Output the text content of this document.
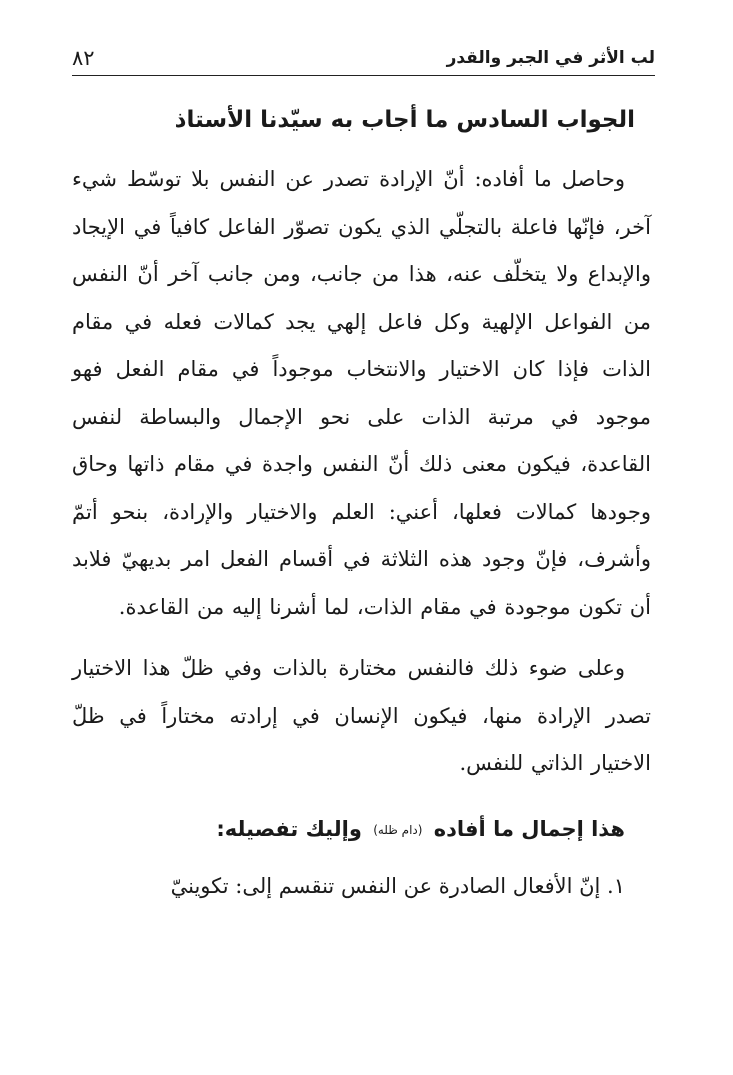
لب الأثر في الجبر والقدر
٨٢
الجواب السادس ما أجاب به سيّدنا الأستاذ

وحاصل ما أفاده: أنّ الإرادة تصدر عن النفس بلا توسّط شيء آخر، فإنّها فاعلة بالتجلّي الذي يكون تصوّر الفاعل كافياً في الإيجاد والإبداع ولا يتخلّف عنه، هذا من جانب، ومن جانب آخر أنّ النفس من الفواعل الإلهية وكل فاعل إلهي يجد كمالات فعله في مقام الذات فإذا كان الاختيار والانتخاب موجوداً في مقام الفعل فهو موجود في مرتبة الذات على نحو الإجمال والبساطة لنفس القاعدة، فيكون معنى ذلك أنّ النفس واجدة في مقام ذاتها وحاق وجودها كمالات فعلها، أعني: العلم والاختيار والإرادة، بنحو أتمّ وأشرف، فإنّ وجود هذه الثلاثة في أقسام الفعل امر بديهيّ فلابد أن تكون موجودة في مقام الذات، لما أشرنا إليه من القاعدة.

وعلى ضوء ذلك فالنفس مختارة بالذات وفي ظلّ هذا الاختيار تصدر الإرادة منها، فيكون الإنسان في إرادته مختاراً في ظلّ الاختيار الذاتي للنفس.

هذا إجمال ما أفاده (دام ظله) وإليك تفصيله:

١. إنّ الأفعال الصادرة عن النفس تنقسم إلى: تكوينيّ
